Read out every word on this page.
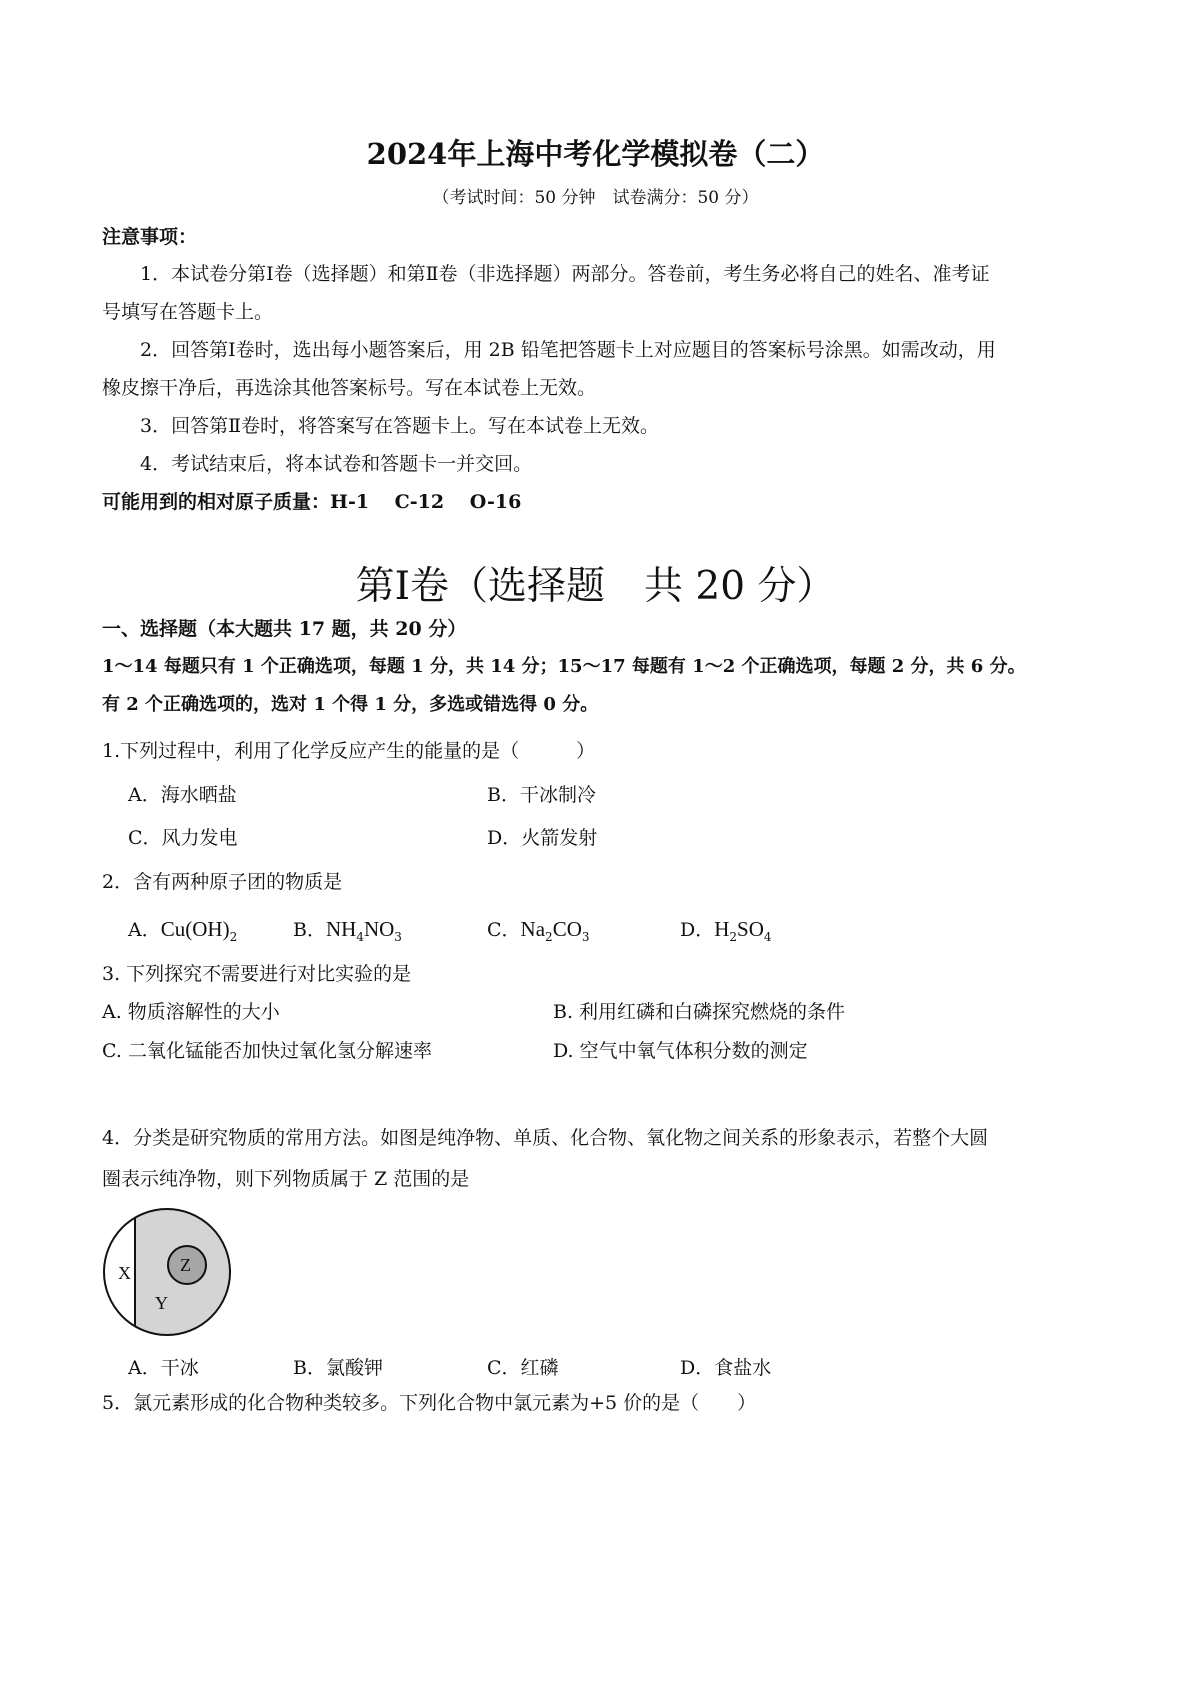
2024年上海中考化学模拟卷（二）
（考试时间：50 分钟　试卷满分：50 分）
注意事项：
1．本试卷分第Ⅰ卷（选择题）和第Ⅱ卷（非选择题）两部分。答卷前，考生务必将自己的姓名、准考证
号填写在答题卡上。
2．回答第Ⅰ卷时，选出每小题答案后，用 2B 铅笔把答题卡上对应题目的答案标号涂黑。如需改动，用
橡皮擦干净后，再选涂其他答案标号。写在本试卷上无效。
3．回答第Ⅱ卷时，将答案写在答题卡上。写在本试卷上无效。
4．考试结束后，将本试卷和答题卡一并交回。
可能用到的相对原子质量：H-1　 C-12　 O-16
第Ⅰ卷（选择题　共 20 分）
一、选择题（本大题共 17 题，共 20 分）
1～14 每题只有 1 个正确选项，每题 1 分，共 14 分；15～17 每题有 1～2 个正确选项，每题 2 分，共 6 分。
有 2 个正确选项的，选对 1 个得 1 分，多选或错选得 0 分。
1.下列过程中，利用了化学反应产生的能量的是（　　　）
A．海水晒盐	B．干冰制冷
C．风力发电	D．火箭发射
2．含有两种原子团的物质是
A．$Cu(OH)_2$	B．$NH_4NO_3$	C．$Na_2CO_3$	D．$H_2SO_4$
3. 下列探究不需要进行对比实验的是
A. 物质溶解性的大小	B. 利用红磷和白磷探究燃烧的条件
C. 二氧化锰能否加快过氧化氢分解速率	D. 空气中氧气体积分数的测定
4．分类是研究物质的常用方法。如图是纯净物、单质、化合物、氧化物之间关系的形象表示，若整个大圆
圈表示纯净物，则下列物质属于 Z 范围的是
X
Y
Z
A．干冰	B．氯酸钾	C．红磷	D．食盐水
5．氯元素形成的化合物种类较多。下列化合物中氯元素为+5 价的是（　　）
